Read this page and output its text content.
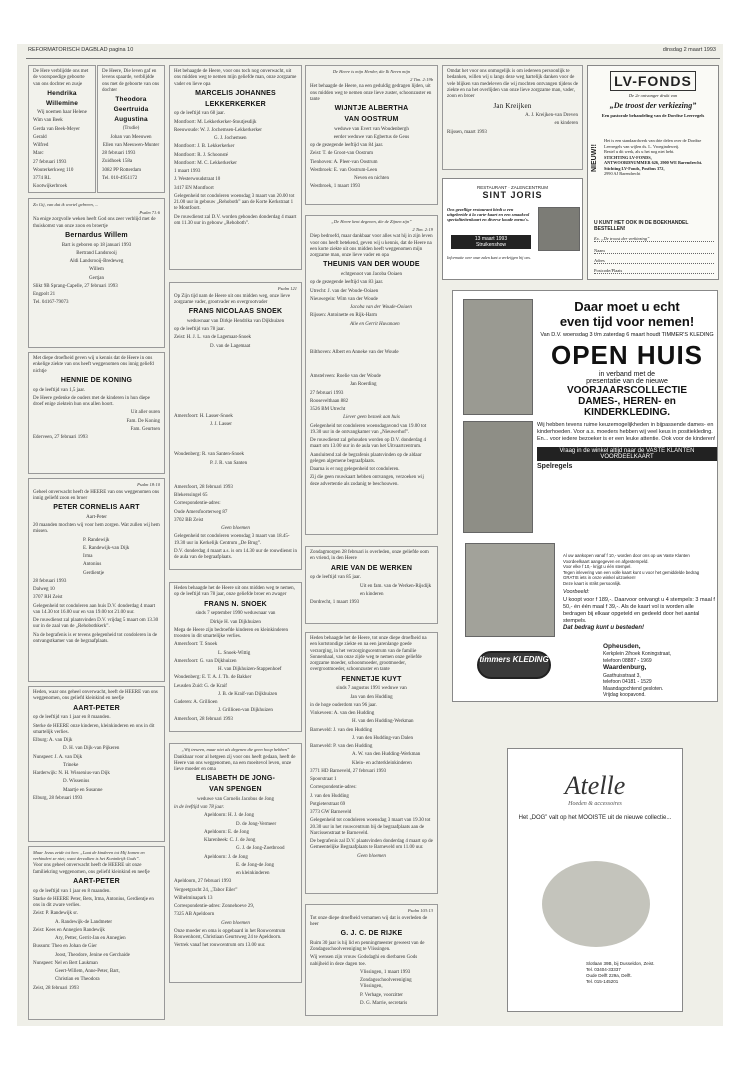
REFORMATORISCH DAGBLAD pagina 10	dinsdag 2 maart 1993

De Here verblijdde ons met de voorspoedige geboorte van ons dochter en zusje

Hendrika
Willemine

Wij noemen haar Helene

Wim van Beek

Gerda van Beek-Meyer

Gerald

Wilfred

Marc

27 februari 1993

Wouterkerkweg 110

3774 RL

Kootwijkerbroek

De Heere, Die leven gaf en levens spaarde, verblijdde ons met de geboorte van ons dochter

Theodora
Geertruida
Augustina

(Trudie)

Johan van Meeuwen

Ellen van Meeuwen-Munter

28 februari 1993

Zuidhoek 158a

3082 PP Rotterdam

Tel. 010-4951172

Zo Gij, van dat ik wortel gebreen, ...

Psalm 71:6

Na enige zorgvolle weken heeft God ons zeer verblijd met de thuiskomst van onze zoon en broertje

Bernardus Willem

Bart is geboren op 18 januari 1993

Bertrand Landsrooij

Aldi Landsrooij-Bredeweg

Willem

Gertjan

Slikt 9B Sprang-Capelle, 27 februari 1993

Engpolt 21

Tel. 04167-79073

Met diepe droefheid geven wij u kennis dat de Heere in ons enkelige ziekte van ons heeft weggenomen ons innig geliefd nichtje

HENNIE DE KONING

op de leeftijd van 1,5 jaar.

De Heere gedenke de ouders met de kinderen in hun diepe droef enige ziektein hun ons allen hoort.

Uit aller ouren

Fam. De Koning

Fam. Geurtsen

Ederveen, 27 februari 1993

Psalm 18:10

Geheel onverwacht heeft de HEERE van ons weggenomen ons innig geliefd zoon en broer

PETER CORNELIS AART

Aart-Peter

20 maanden mochten wij voor hem zorgen. Wat zullen wij hem missen.

P. Randewijk

E. Randewijk-van Dijk

Irma

Antonius

Gerdientje

28 februari 1993

Dalweg 10

3707 RH Zeist

Gelegenheid tot condoleren aan huis D.V. donderdag 4 maart van 14.30 tot 16.00 uur en van 19.00 tot 21.00 uur.

De rouwdienst zal plaatsvinden D.V. vrijdag 5 maart om 13.30 uur in de zaal van de „Rehobothkerk”.

Na de begrafenis is er tevens gelegenheid tot condoleren in de ontvangstkamer van de begraafplaats.

Heden, waar ons geheel onverwacht, heeft de HEERE van ons weggenomen, ons geliefd kleinkind en neefje

AART-PETER

op de leeftijd van 1 jaar en 8 maanden.

Sterke de HEERE onze kinderen, kleinkinderen en ons in dit smartelijk verlies.

Elburg: A. van Dijk

D. H. van Dijk-van Pijkeren

Nunspeet: J. A. van Dijk

Trineke

Harderwijk: N. H. Wissenius-van Dijk

D. Wissenius

Maartje en Susanne

Elburg, 28 februari 1993

Maar Jezus zeide tot hen: „Laat de kinderen tot Mij komen en verhindert ze niet; want derzulken is het Koninkrijk Gods”.

Voor ons geheel onverwacht heeft de HEERE uit onze familiekring weggenomen, ons geliefd kleinkind en neefje

AART-PETER

op de leeftijd van 1 jaar en 8 maanden.

Starke de HEERE Peter, Bets, Irma, Antonius, Gerdientje en ons in dit zware verlies.

Zeist: P. Randewijk sr.

A. Randewijk-de Landmeter

Zeist: Kees en Annegien Randewijk

Ary, Petter, Gerrit-Jan en Annegien

Bussum: Theo en Johan de Gier

Joost, Theodore, Jenine en Gerchaide

Nunspeet: Nel en Bert Laukman

Geert-Willem, Anne-Peter, Bart,

Christian en Theodora

Zeist, 28 februari 1993

Het behaagde de Heere, voor ons toch nog onverwacht, uit ons midden weg te nemen mijn geliefde man, onze zorgzame vader en lieve opa

MARCELIS JOHANNES
LEKKERKERKER

op de leeftijd van 68 jaar.

Montfoort: M. Lekkerkerker-Stoutjesdijk

Reeuwoude: W. J. Jochemsen-Lekkerkerker

G. J. Jochemsen

Montfoort: J. B. Lekkerkerker

Montfoort: R. J. Schoonsté

Montfoort: M. C. Lekkerkerker

1 maart 1993

J. Westerwoudstraat 10

3417 EN Montfoort

Gelegenheid tot condoleren woensdag 3 maart van 20.00 tot 21.00 uur in gebouw „Rehoboth” aan de Korte Kerkstraat 1 te Montfoort.

De rouwdienst zal D.V. worden gehouden donderdag 4 maart om 11.30 uur in gebouw „Rehoboth”.

Psalm 121

Op Zijn tijd nam de Heere uit ons midden weg, onze lieve zorgzame vader, grootvader en overgrootvader

FRANS NICOLAAS SNOEK

weduwnaar van Dirkje Hendrika van Dijkhuizen

op de leeftijd van 78 jaar.

Zeist: H. J. L. van de Lagemaat-Snoek

D. van de Lagemaat

Amersfoort: H. Lasser-Snoek

J. J. Lasser

Woudenberg: R. van Santen-Snoek

P. J. R. van Santen

Amersfoort, 28 februari 1993

Blekerssingel 65

Correspondentie-adres:

Oude Amersfoorterweg 87

3702 BB Zeist

Geen bloemen

Gelegenheid tot condoleren woensdag 3 maart van 18.45-19.30 uur in Kerkelijk Centrum „De Brug”.

D.V. donderdag 4 maart a.s. is om 14.30 uur de rouwdienst in de aula van de begraafplaats.

Heden behaagde het de Heere uit ons midden weg te nemen, op de leeftijd van 78 jaar, onze geliefde broer en zwager

FRANS N. SNOEK

sinds 7 september 1990 weduwnaar van

Dirkje H. van Dijkhuizen

Mega de Heere zijn bedroefde kinderen en kleinkinderen troosten in dit smartelijke verlies.

Amersfoort: T. Snoek

L. Snoek-Wittig

Amersfoort: G. van Dijkhuizen

H. van Dijkhuizen-Stappenhoef

Woudenberg: E. T. A. J. Th. de Bakker

Leusden Zuid: G. de Kraif

J. B. de Kraif-van Dijkhuizen

Gaderen: A. Grillioen

J. Grillioen-van Dijkhuizen

Amersfoort, 28 februari 1993

„Wij treuren, maar niet als degenen die geen hoop hebben”

Dankbaar voor al hetgeen zij voor ons heeft gedaan, heeft de Heere van ons weggenomen, na een moeitevol leven, onze lieve moeder en oma

ELISABETH DE JONG-
VAN SPENGEN

weduwe van Cornelis Jacobus de Jong

in de leeftijd van 78 jaar.

Apeldoorn: H. J. de Jong

D. de Jong-Vermeer

Apeldoorn: E. de Jong

Klarenbeek: C. J. de Jong

G. J. de Jong-Zoetbrood

Apeldoorn: J. de Jong

E. de Jong-de Jong

en kleinkinderen

Apeldoorn, 27 februari 1993

Vergeetgracht 24, „Tabor Eiler”

Wilhelminapark 13

Correspondentie-adres: Zonnehoeve 29,

7325 AB Apeldoorn

Geen bloemen

Onze moeder en oma is opgebaard in het Rouwcentrum Rouwenhorst, Christiaan Geurtsweg 24 te Apeldoorn.

Vertrek vanaf het rouwcentrum om 13.00 uur.

De Heere is mijn Herder, die Ik Neren mijn

2 Tim. 2:19b

Het behaagde de Heere, na een geduldig gedragen lijden, uit ons midden weg te nemen onze lieve zuster, schoonzuster en tante

WIJNTJE ALBERTHA
VAN OOSTRUM

weduwe van Evert van Woudenbergh

eerder weduwe van Egbertus de Geus

op de gezegende leeftijd van 84 jaar.

Zeist: T. de Groot-van Oostrum

Tienhoven: A. Pleer-van Oostrum

Westbroek: E. van Oostrum-Leen

Neven en nichten

Westbroek, 1 maart 1993

„De Heere kent degenen, die de Zijnen zijn”

2 Tim. 2:19

Diep bedroefd, maar dankbaar voor alles wat hij in zijn leven voor ons heeft betekend, geven wij u kennis, dat de Heere na een korte ziekte uit ons midden heeft weggenomen mijn zorgzame man, onze lieve vader en opa

THEUNIS VAN DER WOUDE

echtgenoot van Jacoba Ooiaen

op de gezegende leeftijd van 83 jaar.

Utrecht: J. van der Woude-Ooiaen

Nieuwegein: Wim van der Woude

Jacoba van der Woude-Ooiaen

Rijssen: Antoinette en Rijk-Harm

Alie en Gerrit Huvanaen

Bilthoven: Albert en Anneke van der Woude

Amstelveen: Roelie van der Woude

Jan Roerding

27 februari 1993

Roosevelthaan 882

3526 BM Utrecht

Liever geen bezoek aan huis

Gelegenheid tot condoleren woensdagavond van 19.00 tot 19.30 uur in de ontvangkamer van „Nieuwerhof”.

De rouwdienst zal gehouden worden op D.V. donderdag 4 maart om 13.00 uur in de aula van het Uitvaartcentrum.

Aansluitend zal de begrafenis plaatsvinden op de aldaar gelegen algemene begraafplaats.

Daarna is er nog gelegenheid tot condoleren.

Zij die geen rouwkaart hebben ontvangen, verzoeken wij deze advertentie als zodanig te beschouwen.

Zondagmorgen 28 februari is overleden, onze geliefde oom en vriend, in den Heere

ARIE VAN DE WERKEN

op de leeftijd van 85 jaar.

Uit en fam. van de Werken-Rijsdijk

en kinderen

Dordrecht, 1 maart 1993

Heden behaagde het de Heere, tot onze diepe droefheid na een kortstondige ziekte en na een jarenlange goede verzorging, in het verzorgingscentrum van de familie Sonnenhaal, van onze zijde weg te nemen onze geliefde zorgzame moeder, schoonmoeder, grootmoeder, overgrootmoeder, schoonzuster en tante

FENNETJE KUYT

sinds 7 augustus 1991 weduwe van

Jan van den Hudding

in de hoge ouderdom van 96 jaar.

Vinkeveen: A. van den Hudding

H. van den Hudding-Werkman

Barneveld: J. van den Hudding

J. van den Hudding-van Dalen

Barneveld: P. van den Hudding

A. W. van den Hudding-Werkman

Klein- en achterkleinkinderen

3771 HD Barneveld, 27 februari 1993

Spoorstraat 1

Correspondentie-adres:

J. van den Hudding

Potgieterstraat 69

3773 GW Barneveld

Gelegenheid tot condoleren woensdag 3 maart van 19.30 tot 20.30 uur in het rouwcentrum bij de begraafplaats aan de Narcissenstraat te Barneveld.

De begrafenis zal D.V. plaatsvinden donderdag 4 maart op de Gemeentelijke Begraafplaats te Barneveld om 11.00 uur.

Geen bloemen

Psalm 103:13

Tot onze diepe droefheid vernamen wij dat is overleden de heer

G. J. C. DE RIJKE

Ruim 30 jaar is hij lid en penningmeester geweest van de Zondagsschoolvereniging te Vlissingen.

Wij wensen zijn vrouw Godsdaghi en dierbaren Gods nabijheid in deze dagen toe.

Vlissingen, 1 maart 1993

Zondagsschoolvereniging Vlissingen,

P. Verhage, voorzitter

D. G. Marrie, secretaris

Omdat het voor ons onmogelijk is om iedereen persoonlijk te bedanken, willen wij u langs deze weg hartelijk danken voor de vele blijken van medeleven die wij mochten ontvangen tijdens de ziekte en na het overlijden van onze lieve zorgzame man, vader, zoon en broer

Jan Kreijken

A. J. Kreijken-van Dreven

en kinderen

Rijssen, maart 1993

RESTAURANT · ZALENCENTRUM
SINT JORIS
Ons gezellige restaurant biedt u een uitgebreide à la carte-kaart en een smaakvol specialiteitenkaart en diverse koude menu's.
13 maart 1993
Struikenshow
Informatie over onze zalen kunt u verkrijgen bij ons.
LV-FONDS
De 2e ontvanger drukt van
„De troost der verkiezing”
Een pastorale behandeling van de Dordtse Leerregels
NIEUW!!

Het is een standaardwerk van drie delen over de Dordtse Leerregels van wijlen ds. L. Vroegindeweij.

Bestel u dit werk, als u het nog niet hebt.

STICHTING LV-FONDS,

ANTWOORDNUMMER 626, 2900 WE Barendrecht.

Stichting LV-Fonds, Postbus 372,

2990 AJ Barendrecht

U KUNT HET OOK IN DE BOEKHANDEL BESTELLEN!
Ex. „De troost der verkiezing”
Naam
Adres
Postcode/Plaats
Daar moet u echt
even tijd voor nemen!
Van D.V. woensdag 3 t/m zaterdag 6 maart houdt TIMMER'S KLEDING
OPEN HUIS
in verband met de
presentatie van de nieuwe
VOORJAARSCOLLECTIE
DAMES-, HEREN- en
KINDERKLEDING.
Wij hebben tevens ruime keuzemogelijkheden in bijpassende dames- en kinderhoeden. Voor a.s. moeders hebben wij veel keus in positiekleding. En... voor iedere bezoeker is er een leuke attentie. Ook voor de kinderen!
Vraag in de winkel altijd naar de VASTE KLANTEN VOORDEELKAART
Spelregels

Al uw aankopen vanaf f 10,- worden door ons op uw Vaste Klanten Voordeelkaart aangegeven en afgestempeld.

Voor elke f 10,- krijgt u één stempel.

Tegen inlevering van een volle kaart kunt u voor het gemiddelde bedrag GRATIS iets in onze winkel uitzoeken!

Deze kaart is strikt persoonlijk.

Voorbeeld:

U koopt voor f 189,-. Daarvoor ontvangt u 4 stempels: 3 maal f 50,- én één maal f 39,-. Als de kaart vol is worden alle bedragen bij elkaar opgeteld en gedeeld door het aantal stempels.

Dat bedrag kunt u besteden!

timmers KLEDING

Opheusden,

Kerkplein 2/hoek Koningstraat,

telefoon 08887 - 1969

Waardenburg,

Gasthuisstraat 3,

telefoon 04181 - 1529

Maandagochtend gesloten.

Vrijdag koopavond.

Atelle
Hoeden & accessoires
Het „DOG” valt op het MOOISTE uit de nieuwe collectie...

Slotlaan 39B, bij Dusseldon, Zeist.

Tel. 03404-33337

Oude Delft 229a, Delft.

Tel. 015-145201
